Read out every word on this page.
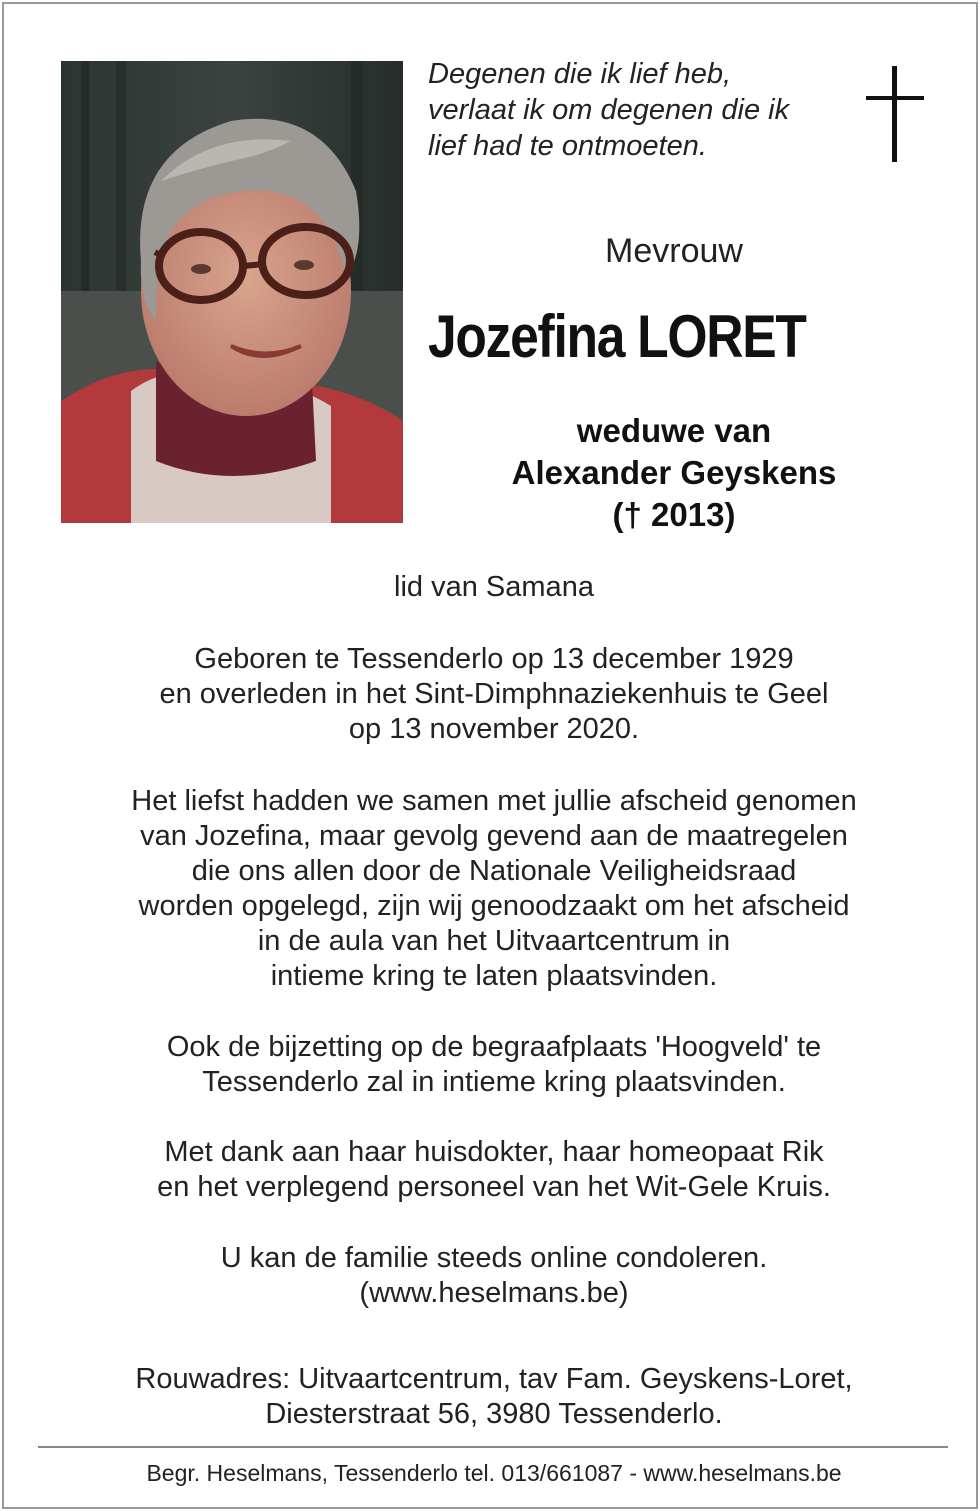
Degenen die ik lief heb,
verlaat ik om degenen die ik
lief had te ontmoeten.
Mevrouw
Jozefina LORET
weduwe van
Alexander Geyskens
(† 2013)
lid van Samana
Geboren te Tessenderlo op 13 december 1929
en overleden in het Sint-Dimphnaziekenhuis te Geel
op 13 november 2020.
Het liefst hadden we samen met jullie afscheid genomen
van Jozefina, maar gevolg gevend aan de maatregelen
die ons allen door de Nationale Veiligheidsraad
worden opgelegd, zijn wij genoodzaakt om het afscheid
in de aula van het Uitvaartcentrum in
intieme kring te laten plaatsvinden.
Ook de bijzetting op de begraafplaats 'Hoogveld' te
Tessenderlo zal in intieme kring plaatsvinden.
Met dank aan haar huisdokter, haar homeopaat Rik
en het verplegend personeel van het Wit-Gele Kruis.
U kan de familie steeds online condoleren.
(www.heselmans.be)
Rouwadres: Uitvaartcentrum, tav Fam. Geyskens-Loret,
Diesterstraat 56, 3980 Tessenderlo.
Begr. Heselmans, Tessenderlo tel. 013/661087 - www.heselmans.be
